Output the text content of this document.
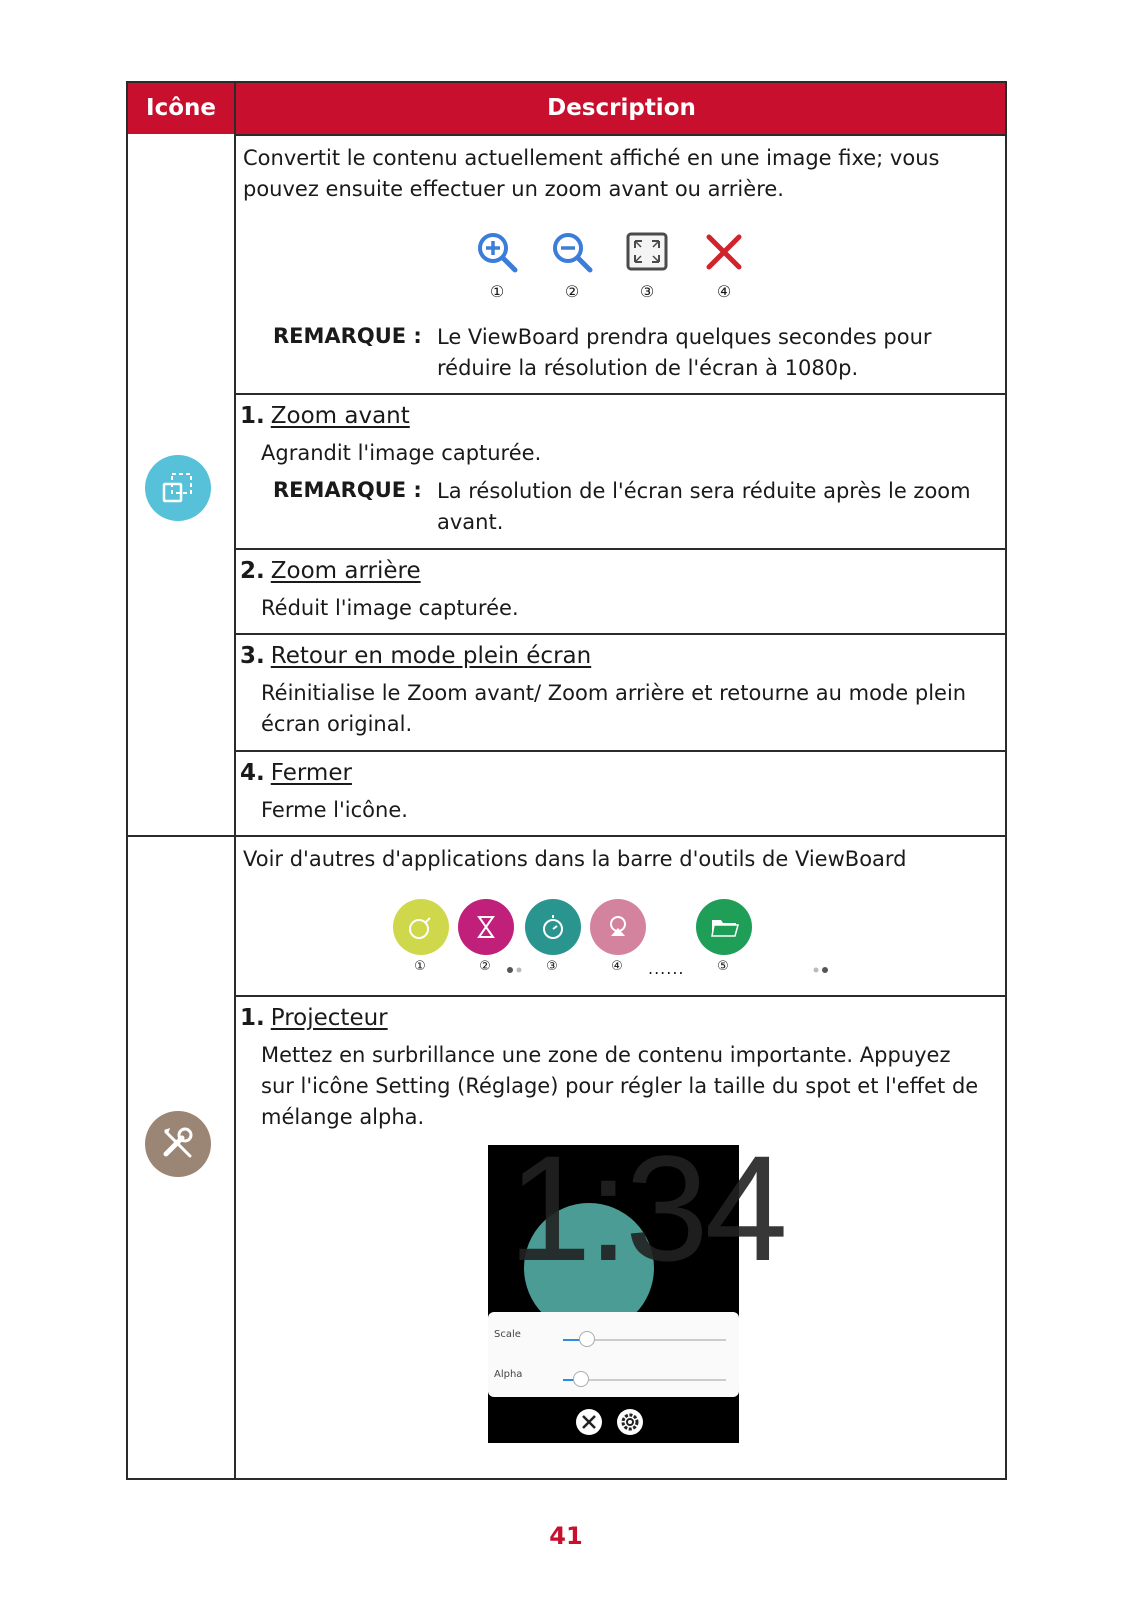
Icône	Description
Convertit le contenu actuellement affiché en une image fixe; vous
pouvez ensuite effectuer un zoom avant ou arrière.
①	②	③	④
REMARQUE : Le ViewBoard prendra quelques secondes pour
réduire la résolution de l'écran à 1080p.
1. Zoom avant
Agrandit l'image capturée.
REMARQUE : La résolution de l'écran sera réduite après le zoom
avant.
2. Zoom arrière
Réduit l'image capturée.
3. Retour en mode plein écran
Réinitialise le Zoom avant/ Zoom arrière et retourne au mode plein
écran original.
4. Fermer
Ferme l'icône.
Voir d'autres d'applications dans la barre d'outils de ViewBoard
①	②	③	④ ......	⑤
1. Projecteur
Mettez en surbrillance une zone de contenu importante. Appuyez
sur l'icône Setting (Réglage) pour régler la taille du spot et l'effet de
mélange alpha.
1:34
Scale
Alpha
41
